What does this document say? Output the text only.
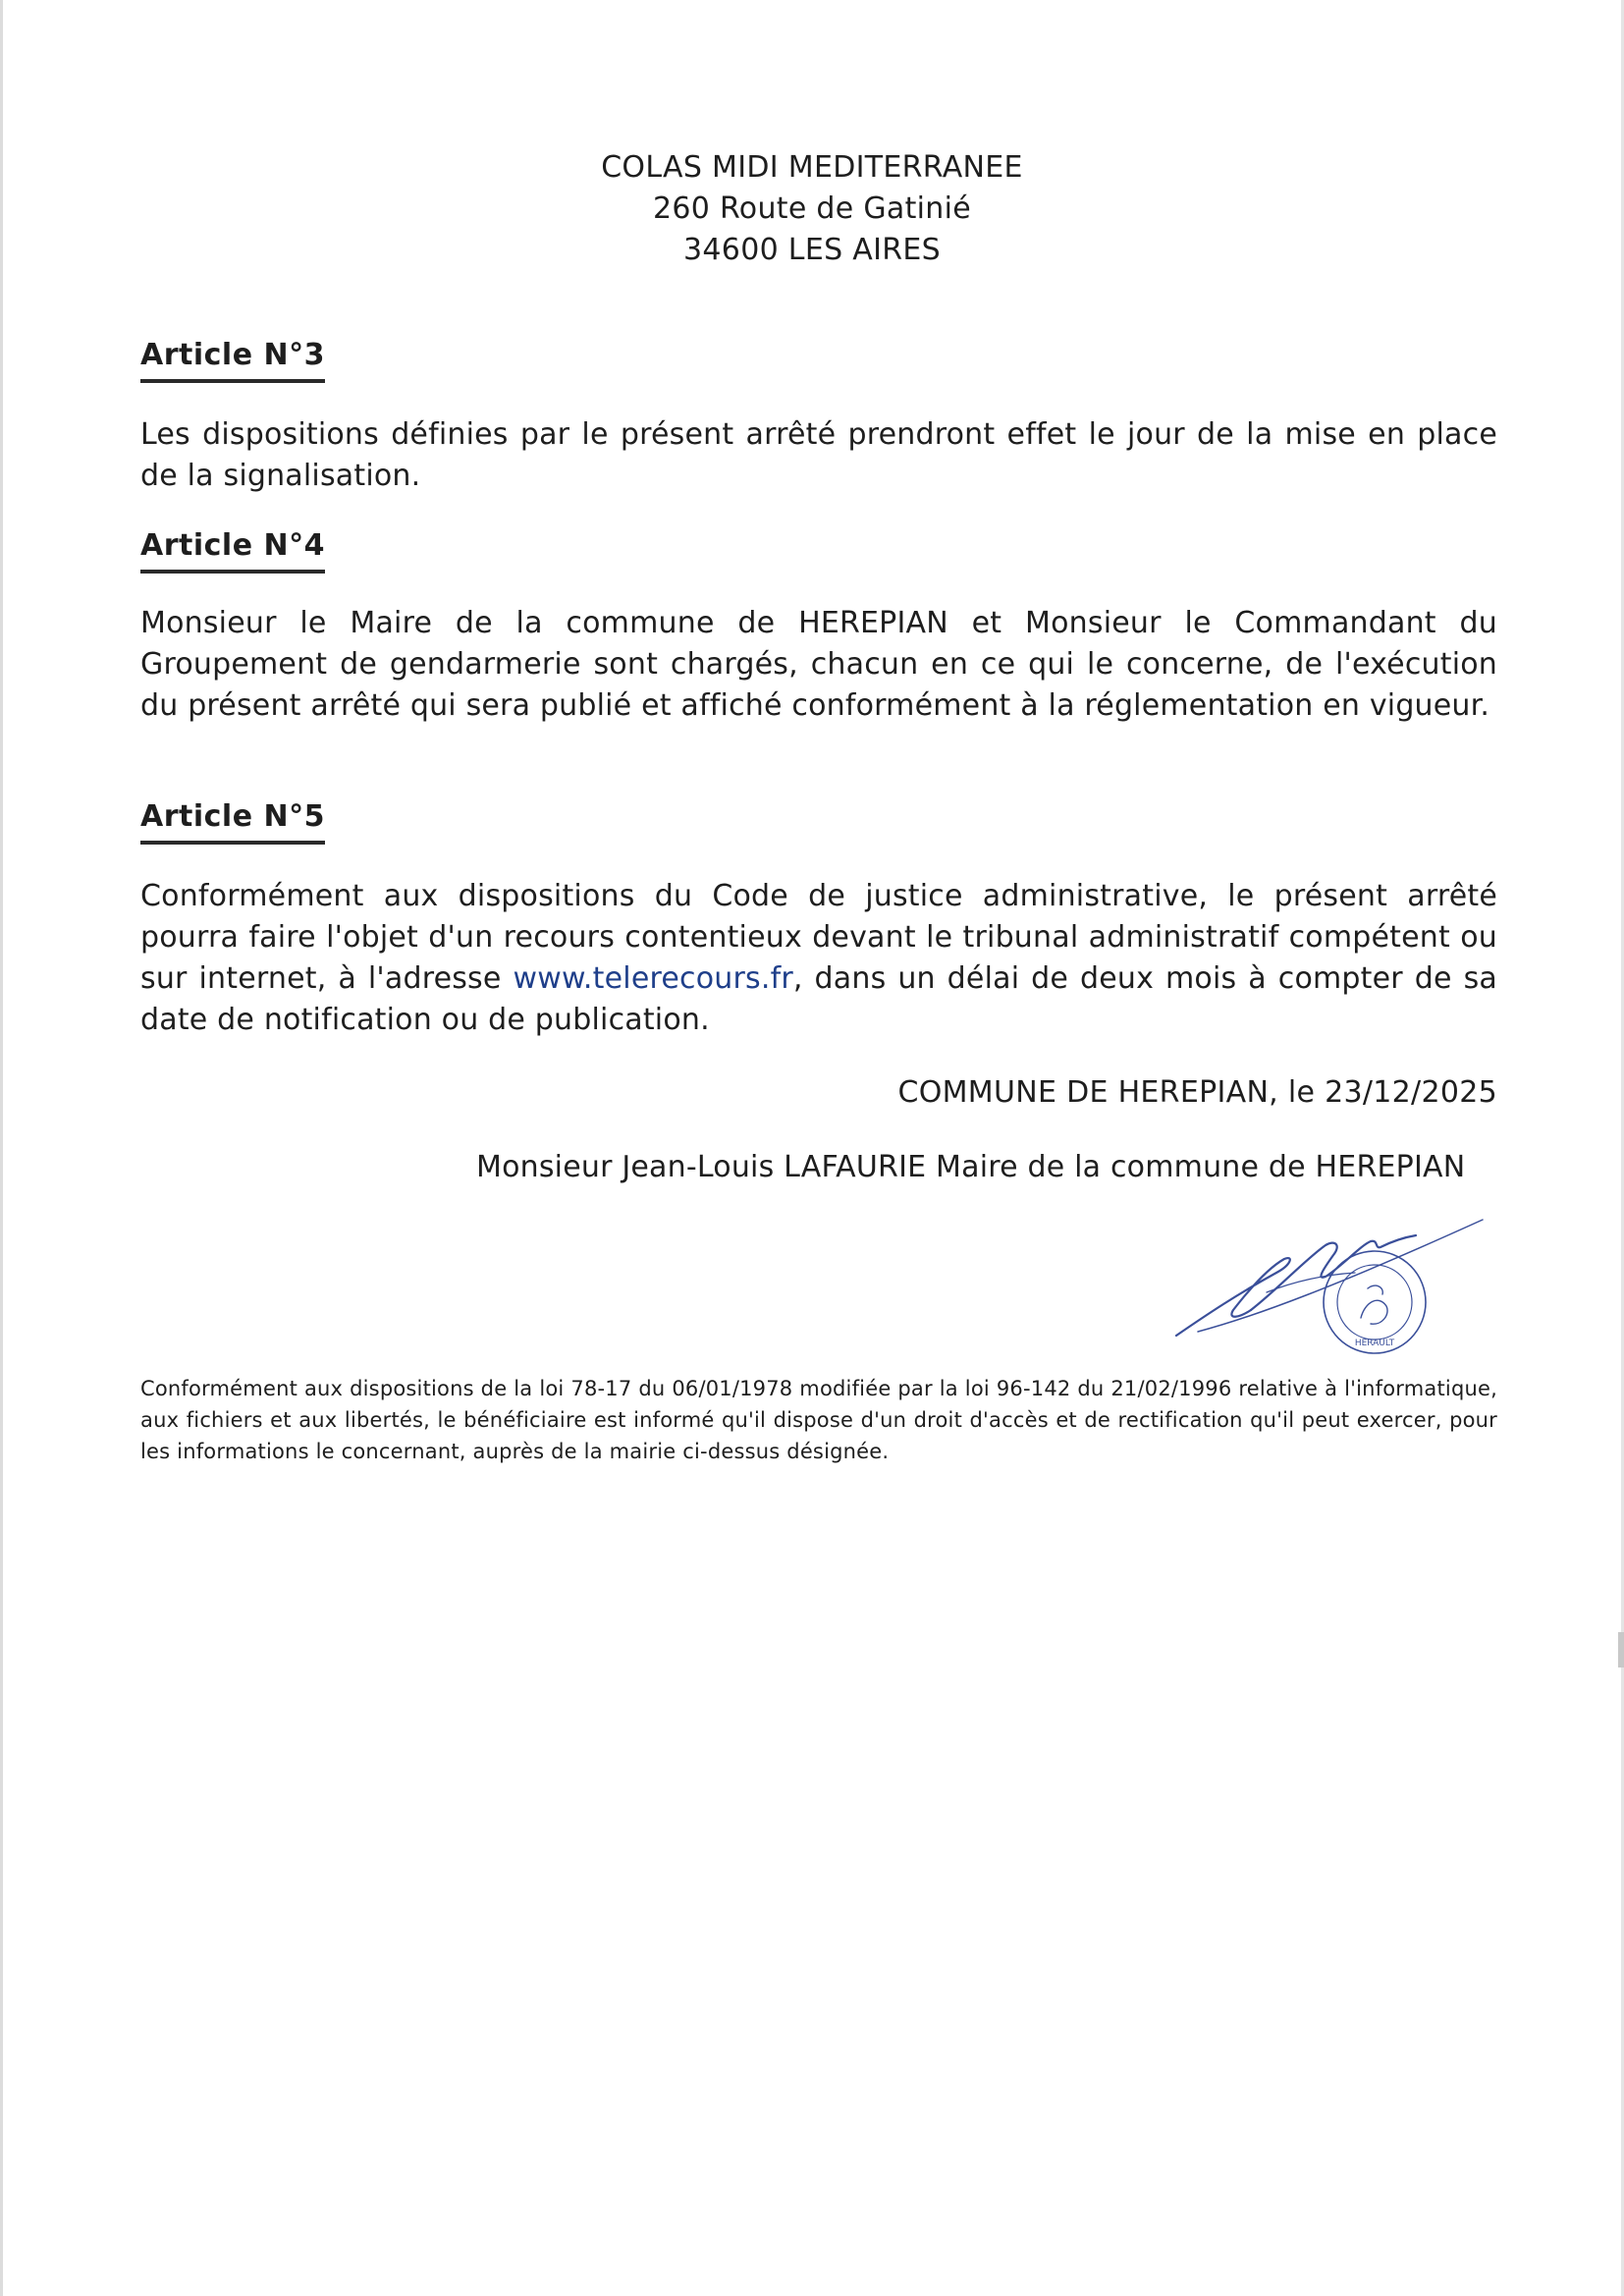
COLAS MIDI MEDITERRANEE
260 Route de Gatinié
34600 LES AIRES
Article N°3
Les dispositions définies par le présent arrêté prendront effet le jour de la mise en place de la signalisation.
Article N°4
Monsieur le Maire de la commune de HEREPIAN et Monsieur le Commandant du Groupement de gendarmerie sont chargés, chacun en ce qui le concerne, de l'exécution du présent arrêté qui sera publié et affiché conformément à la réglementation en vigueur.
Article N°5
Conformément aux dispositions du Code de justice administrative, le présent arrêté pourra faire l'objet d'un recours contentieux devant le tribunal administratif compétent ou sur internet, à l'adresse www.telerecours.fr, dans un délai de deux mois à compter de sa date de notification ou de publication.
COMMUNE DE HEREPIAN, le 23/12/2025
Monsieur Jean-Louis LAFAURIE Maire de la commune de HEREPIAN
HERAULT
Conformément aux dispositions de la loi 78-17 du 06/01/1978 modifiée par la loi 96-142 du 21/02/1996 relative à l'informatique, aux fichiers et aux libertés, le bénéficiaire est informé qu'il dispose d'un droit d'accès et de rectification qu'il peut exercer, pour les informations le concernant, auprès de la mairie ci-dessus désignée.
